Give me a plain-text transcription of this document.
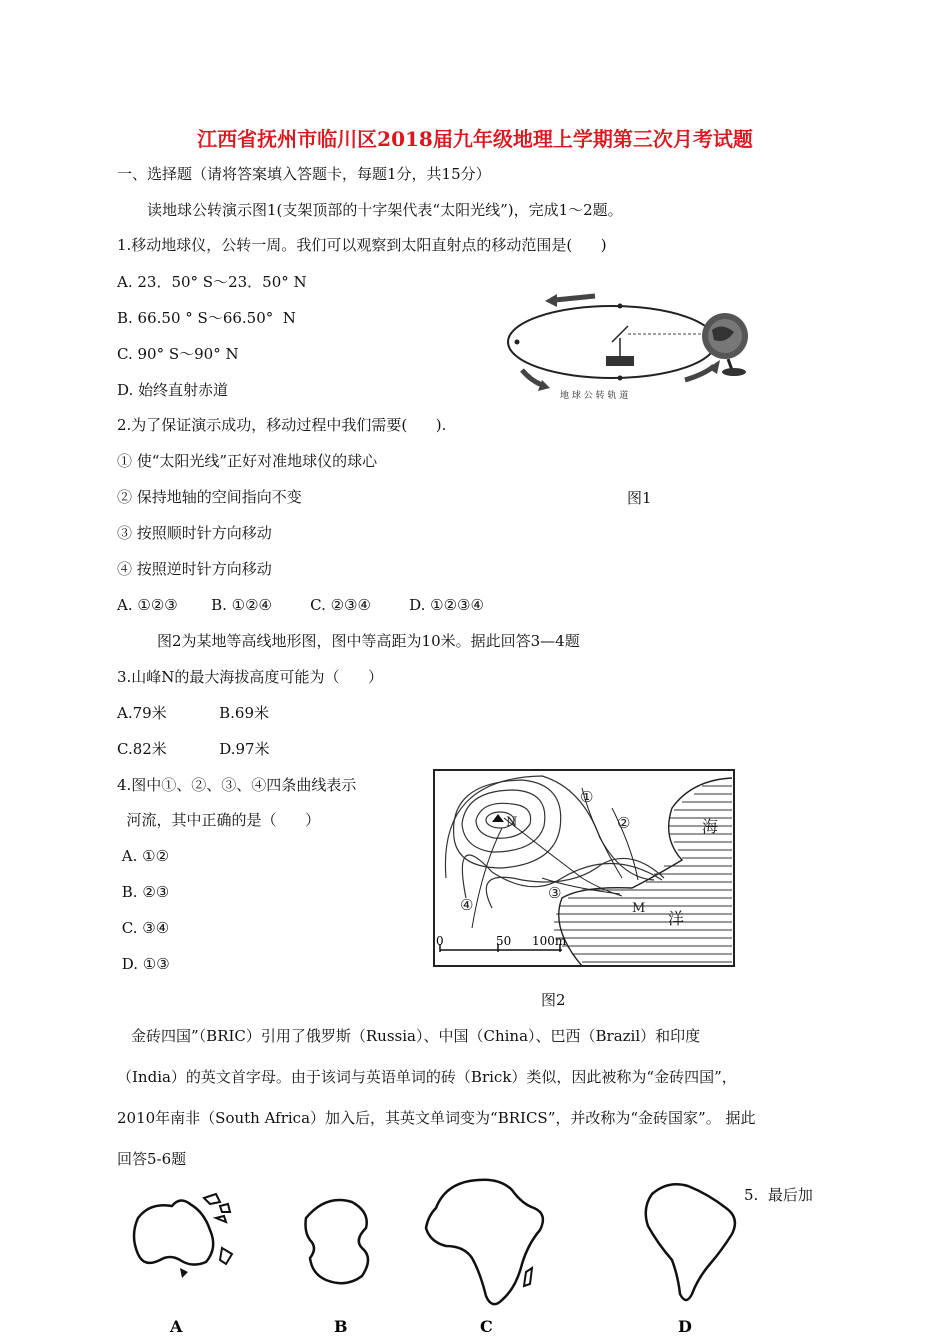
江西省抚州市临川区2018届九年级地理上学期第三次月考试题
一、选择题（请将答案填入答题卡，每题1分，共15分）
读地球公转演示图1(支架顶部的十字架代表“太阳光线”)，完成1～2题。
1.移动地球仪，公转一周。我们可以观察到太阳直射点的移动范围是(      )
A. 23．50° S～23．50° N
B. 66.50 ° S～66.50°  N
C. 90° S～90° N
D. 始终直射赤道	地 球 公 转 轨 道
2.为了保证演示成功，移动过程中我们需要(      ).
① 使“太阳光线”正好对准地球仪的球心
② 保持地轴的空间指向不变	图1
③ 按照顺时针方向移动
④ 按照逆时针方向移动
A. ①②③       B. ①②④        C. ②③④        D. ①②③④
图2为某地等高线地形图，图中等高距为10米。据此回答3—4题
3.山峰N的最大海拔高度可能为（      ）
A.79米           B.69米
C.82米           D.97米
4.图中①、②、③、④四条曲线表示
河流，其中正确的是（      ）
A. ①②
B. ②③
C. ③④
D. ①③
①
②
③
④
N
M
海
洋
0	50 100m
图2
金砖四国”（BRIC）引用了俄罗斯（Russia）、中国（China）、巴西（Brazil）和印度
（India）的英文首字母。由于该词与英语单词的砖（Brick）类似，因此被称为“金砖四国”，
2010年南非（South Africa）加入后，其英文单词变为“BRICS”，并改称为“金砖国家”。 据此
回答5-6题
5.  最后加
A	B	C	D
